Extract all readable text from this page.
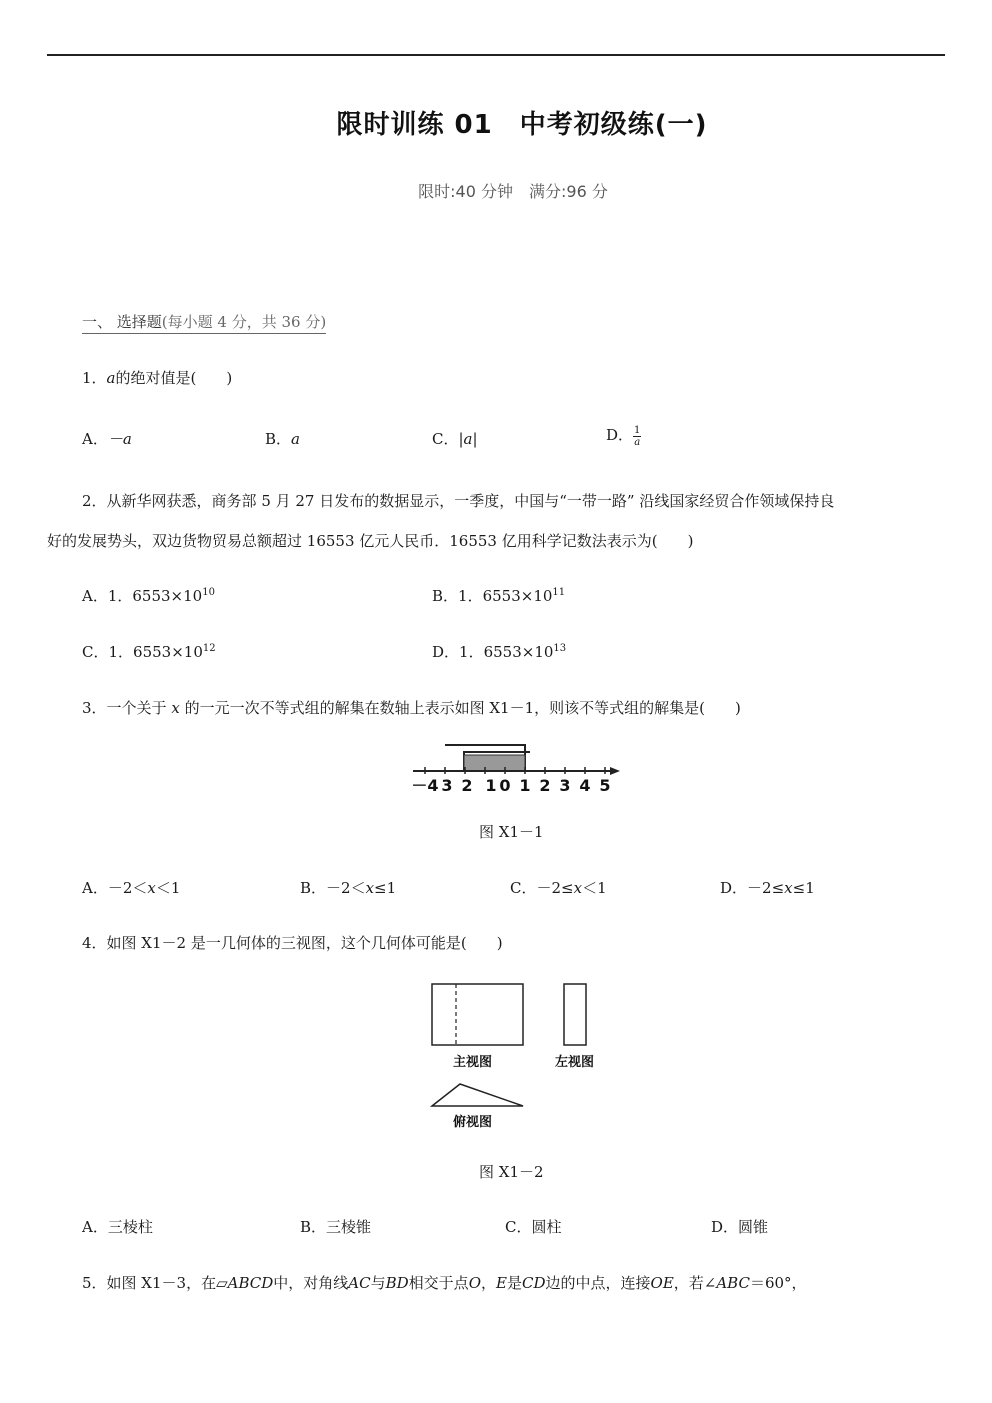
限时训练 01　中考初级练(一)
限时:40 分钟　满分:96 分
一、 选择题(每小题 4 分，共 36 分)
1．a的绝对值是(　　)
A．－a	B．a	C．|a|	D． $\frac{1}{a}$
2．从新华网获悉，商务部 5 月 27 日发布的数据显示，一季度，中国与“一带一路” 沿线国家经贸合作领域保持良
好的发展势头，双边货物贸易总额超过 16553 亿元人民币．16553 亿用科学记数法表示为(　　)
A．1．$6553\times 10^{10}$	B．1．$6553\times 10^{11}$
C．1．$6553\times 10^{12}$	D．1．$6553\times 10^{13}$
3．一个关于 x 的一元一次不等式组的解集在数轴上表示如图 X1－1，则该不等式组的解集是(　　)
－4 3 2 1 0 1 2 3 4 5
图 X1－1
A．－2＜x＜1	B．－2＜x≤1	C．－2≤x＜1	D．－2≤x≤1
4．如图 X1－2 是一几何体的三视图，这个几何体可能是(　　)
主视图	左视图
俯视图
图 X1－2
A．三棱柱	B．三棱锥	C．圆柱	D．圆锥
5．如图 X1－3，在▱ABCD中，对角线AC与BD相交于点O，E是CD边的中点，连接OE，若∠ABC＝60°，
